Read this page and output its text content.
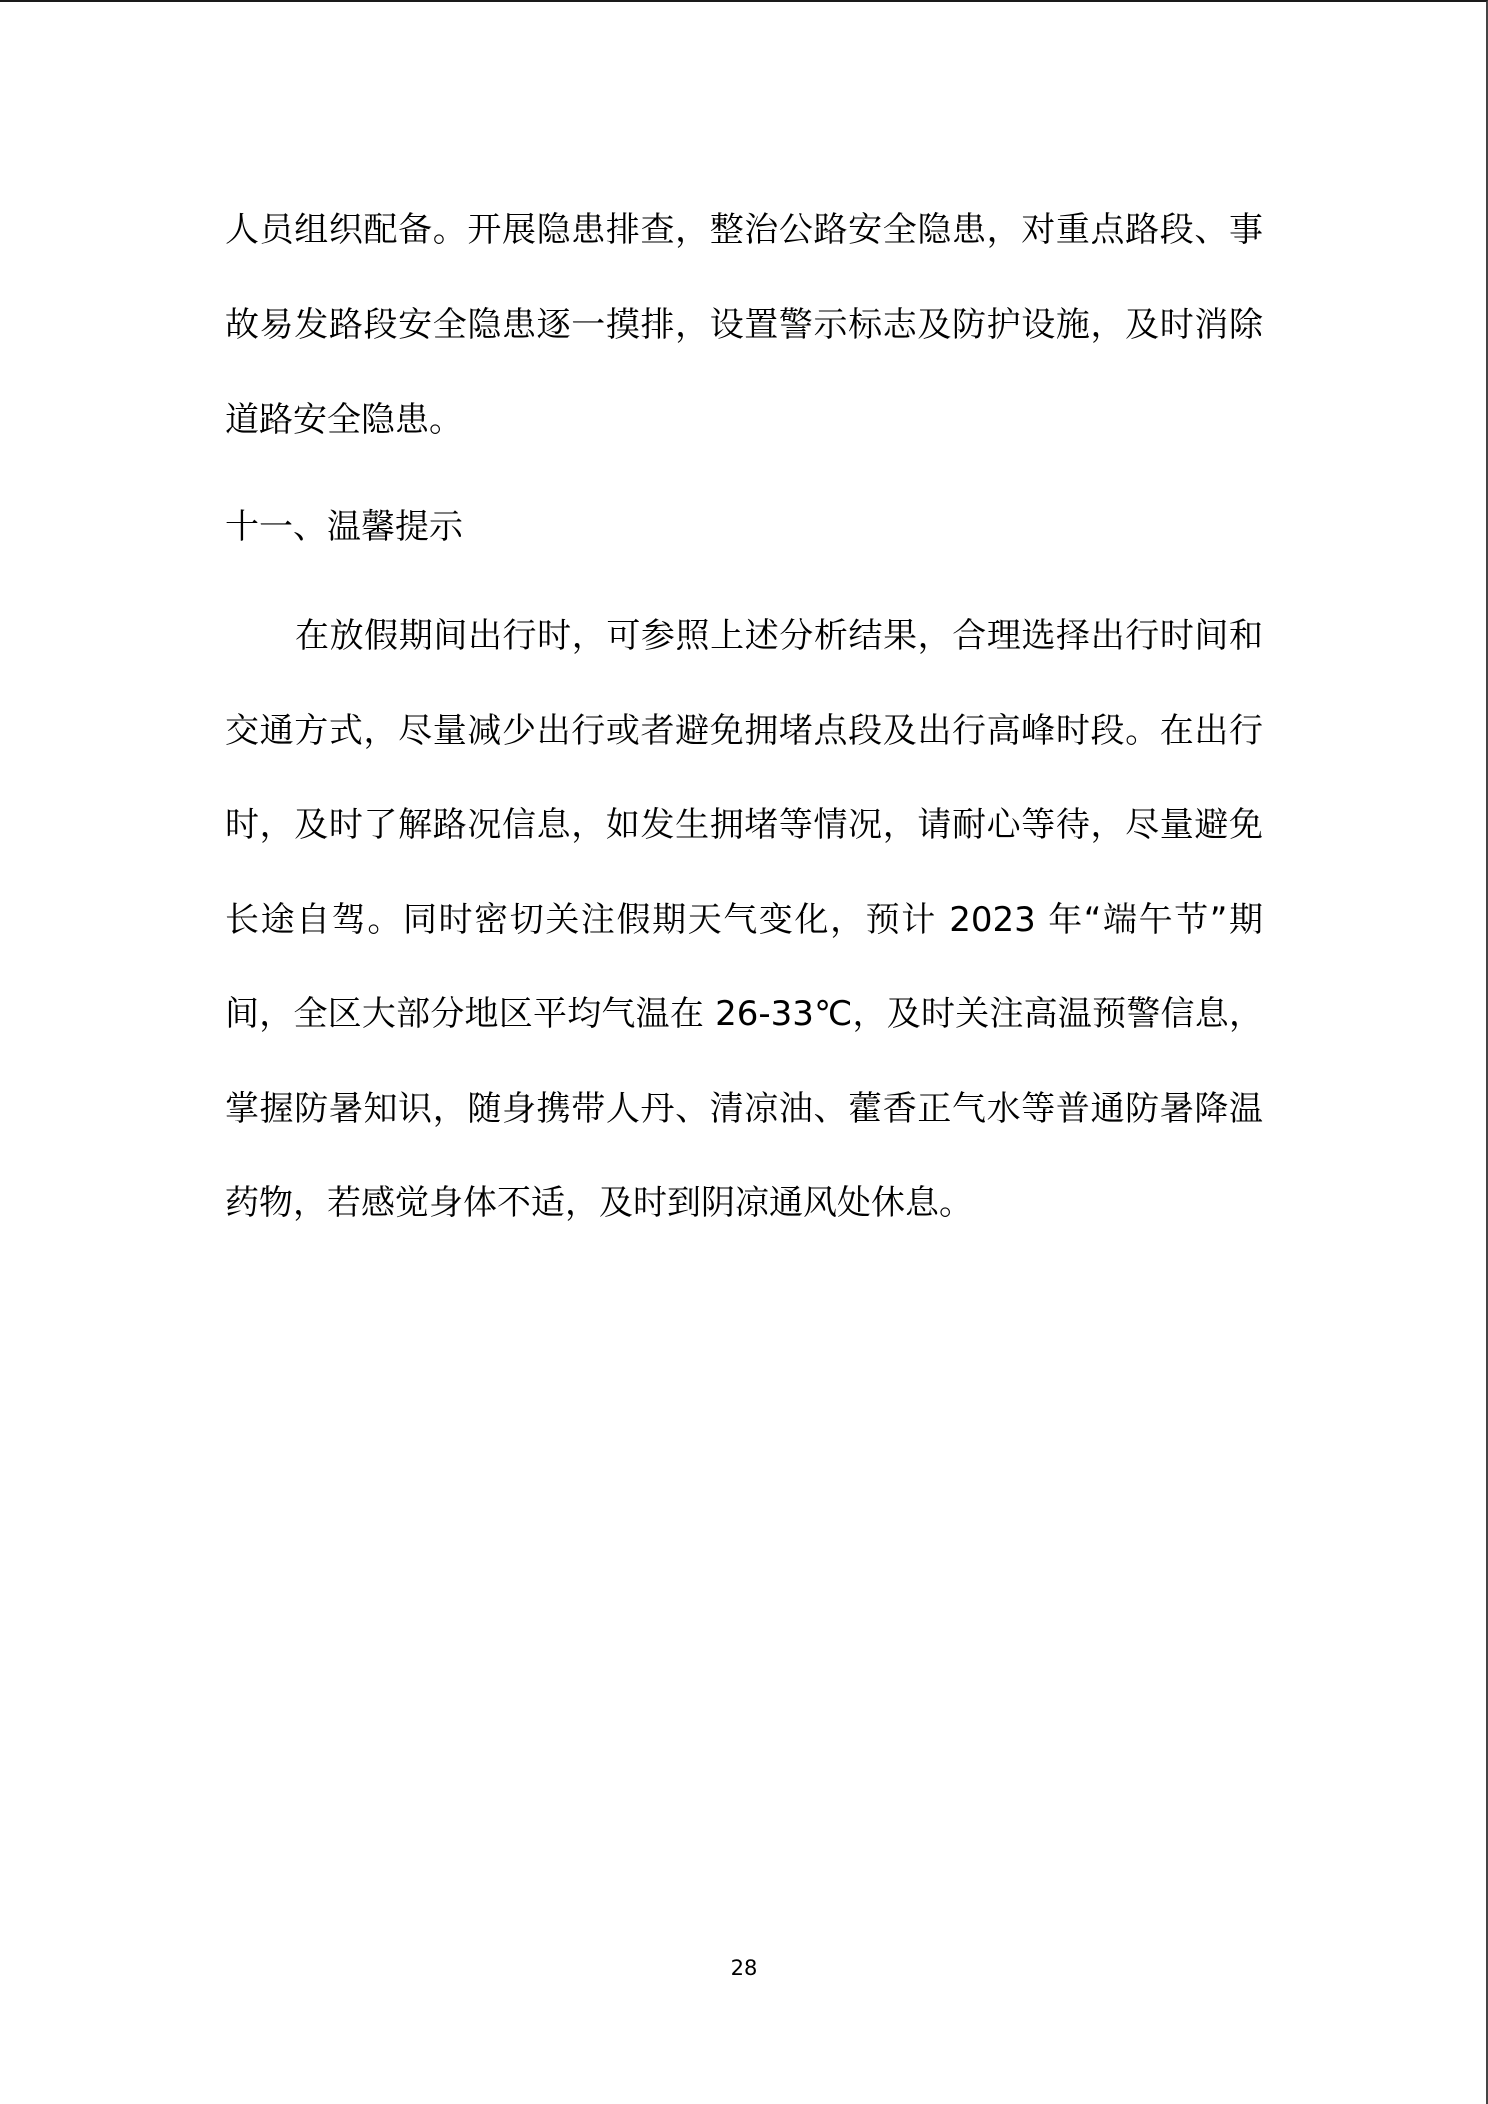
人员组织配备。开展隐患排查，整治公路安全隐患，对重点路段、事
故易发路段安全隐患逐一摸排，设置警示标志及防护设施，及时消除
道路安全隐患。
十一、温馨提示
在放假期间出行时，可参照上述分析结果，合理选择出行时间和
交通方式，尽量减少出行或者避免拥堵点段及出行高峰时段。在出行
时，及时了解路况信息，如发生拥堵等情况，请耐心等待，尽量避免
长途自驾。同时密切关注假期天气变化，预计 2023 年“端午节”期
间，全区大部分地区平均气温在 26-33℃，及时关注高温预警信息，
掌握防暑知识，随身携带人丹、清凉油、藿香正气水等普通防暑降温
药物，若感觉身体不适，及时到阴凉通风处休息。
28
